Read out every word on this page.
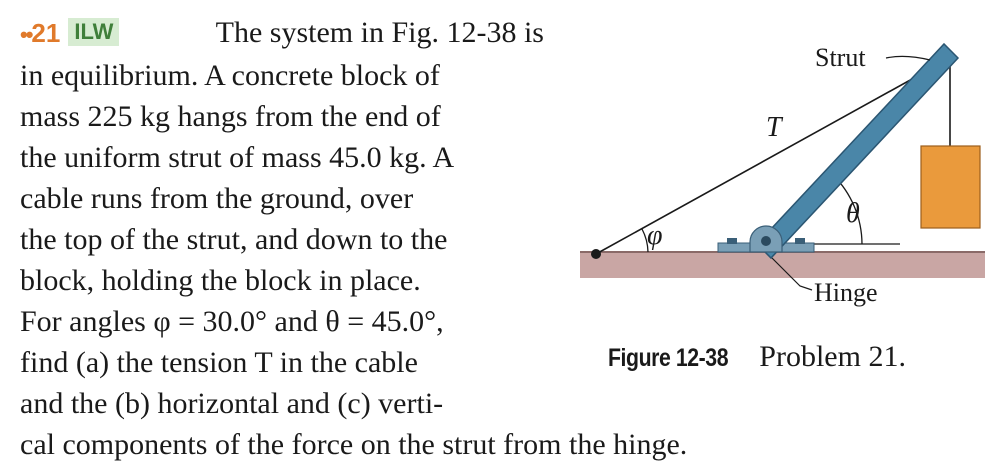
••21 ILW	The system in Fig. 12-38 is
in equilibrium. A concrete block of
mass 225 kg hangs from the end of
the uniform strut of mass 45.0 kg. A
cable runs from the ground, over
the top of the strut, and down to the
block, holding the block in place.
For angles φ = 30.0° and θ = 45.0°,
find (a) the tension T in the cable
and the (b) horizontal and (c) verti-
cal components of the force on the strut from the hinge.
Strut
T
θ
φ
Hinge
Figure 12-38 Problem 21.
